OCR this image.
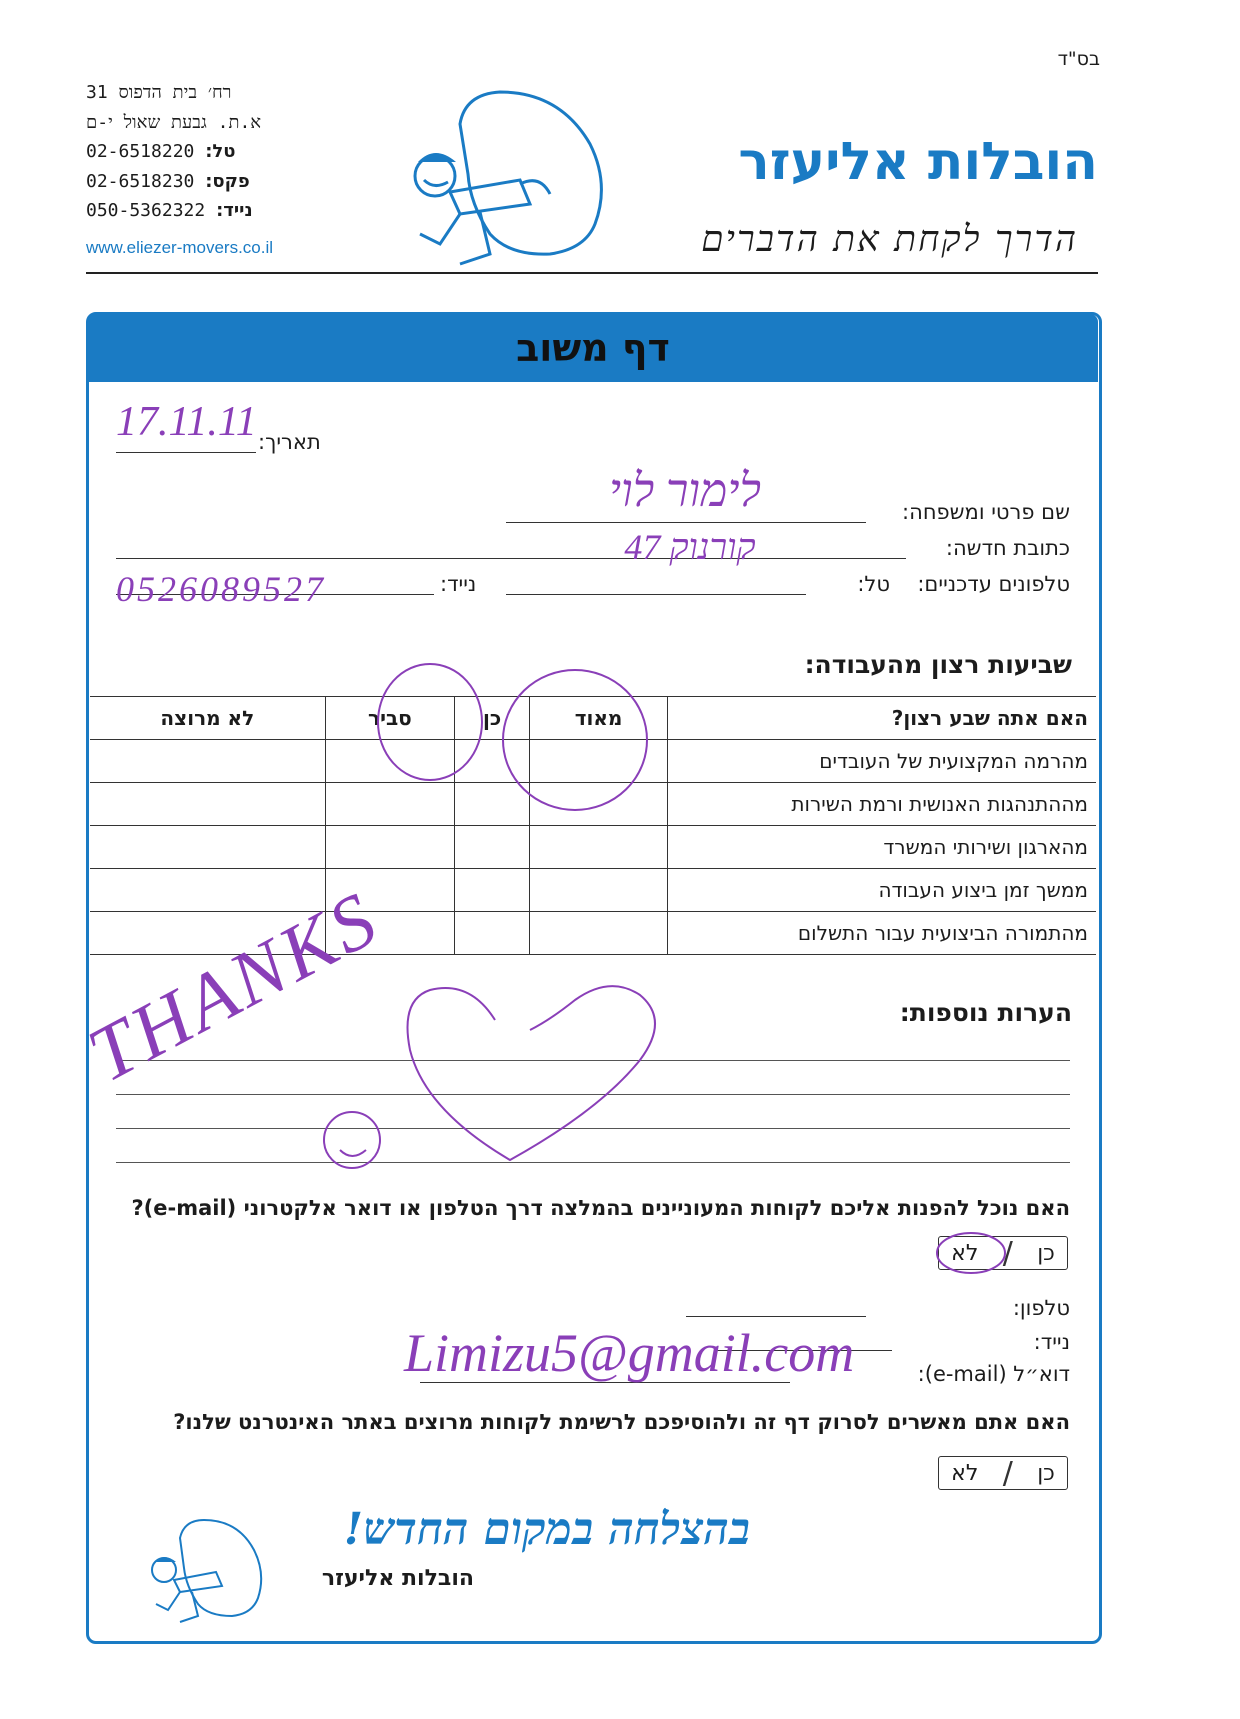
בס"ד
רח׳ בית הדפוס 31
א.ת. גבעת שאול י-ם
טל: 02-6518220
פקס: 02-6518230
נייד: 050-5362322
www.eliezer-movers.co.il
הובלות אליעזר
הדרך לקחת את הדברים
דף משוב
תאריך:
17.11.11
שם פרטי ומשפחה:
לימור לוי
כתובת חדשה:
קורנוק 47
טלפונים עדכניים:
טל:
נייד:
0526089527
שביעות רצון מהעבודה:
האם אתה שבע רצון?	מאוד	כן	סביר	לא מרוצה
מהרמה המקצועית של העובדים				
מההתנהגות האנושית ורמת השירות				
מהארגון ושירותי המשרד				
ממשך זמן ביצוע העבודה				
מהתמורה הביצועית עבור התשלום				
הערות נוספות:
THANKS
האם נוכל להפנות אליכם לקוחות המעוניינים בהמלצה דרך הטלפון או דואר אלקטרוני (e-mail)?
כן
/
לא
טלפון:
נייד:
דוא״ל (e-mail):
Limizu5@gmail.com
האם אתם מאשרים לסרוק דף זה ולהוסיפכם לרשימת לקוחות מרוצים באתר האינטרנט שלנו?
כן
/
לא
בהצלחה במקום החדש!
הובלות אליעזר
